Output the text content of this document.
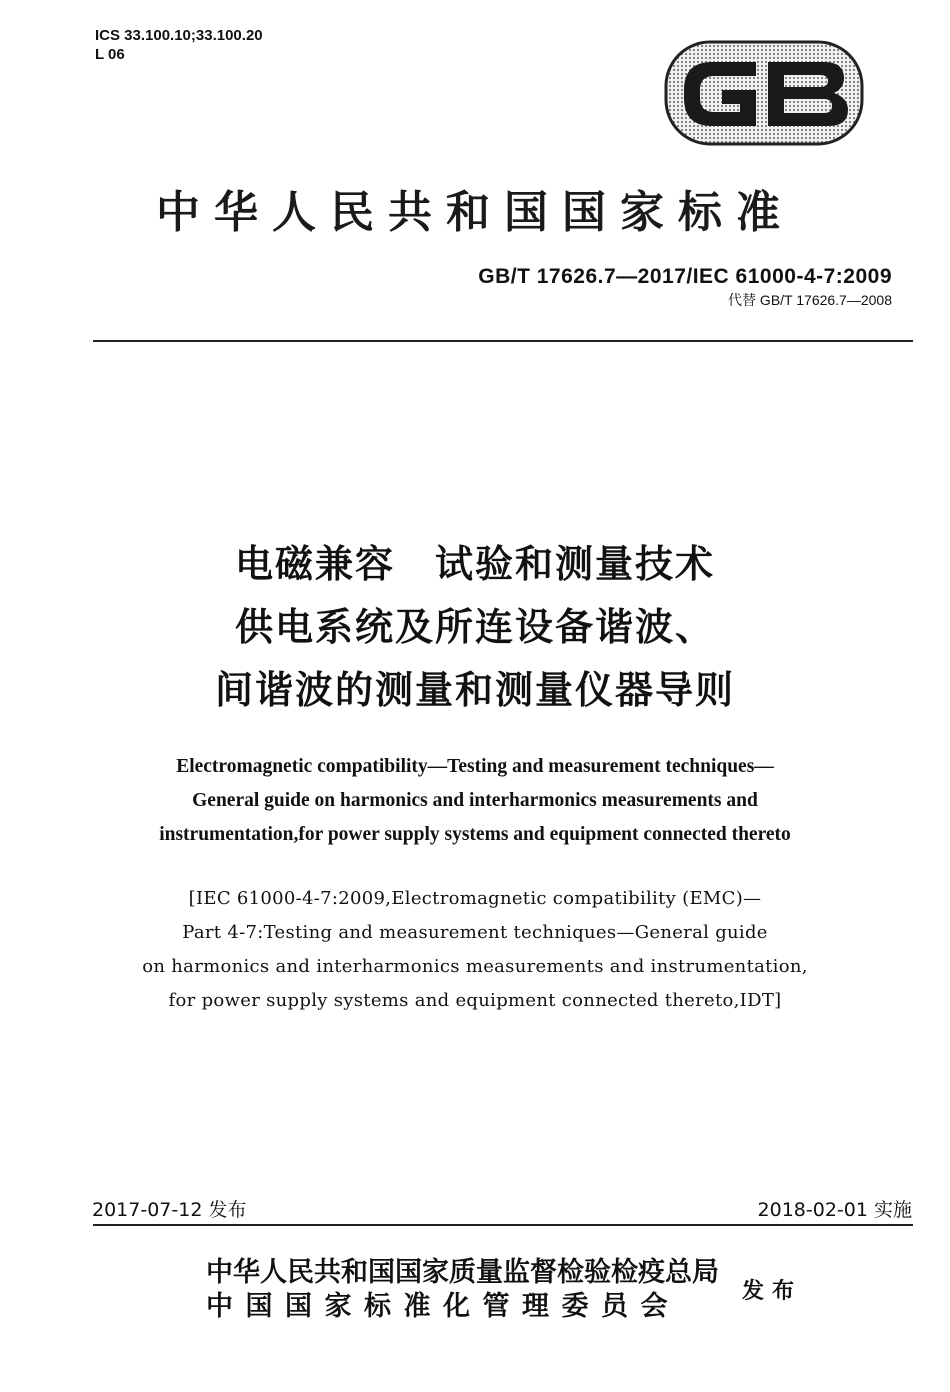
ICS 33.100.10;33.100.20
L 06
中华人民共和国国家标准
GB/T 17626.7—2017/IEC 61000-4-7:2009
代替 GB/T 17626.7—2008
电磁兼容　试验和测量技术
供电系统及所连设备谐波、
间谐波的测量和测量仪器导则
Electromagnetic compatibility—Testing and measurement techniques—
General guide on harmonics and interharmonics measurements and
instrumentation,for power supply systems and equipment connected thereto
[IEC 61000-4-7:2009,Electromagnetic compatibility (EMC)—
Part 4-7:Testing and measurement techniques—General guide
on harmonics and interharmonics measurements and instrumentation,
for power supply systems and equipment connected thereto,IDT]
2017-07-12 发布	2018-02-01 实施
中华人民共和国国家质量监督检验检疫总局
中国国家标准化管理委员会	发布
